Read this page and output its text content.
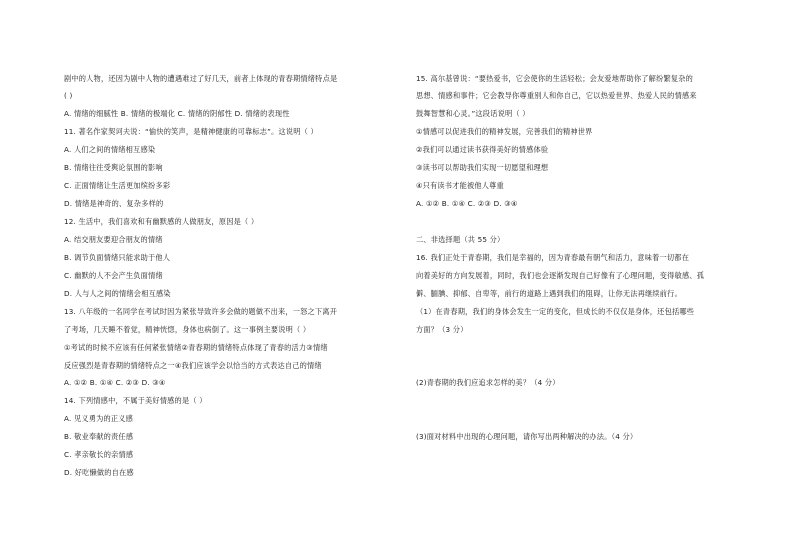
剧中的人物，还因为剧中人物的遭遇难过了好几天，前者上体现的青春期情绪特点是
( )
A. 情绪的细腻性 B. 情绪的极端化 C. 情绪的阴郁性 D. 情绪的表现性
11. 著名作家契诃夫说：“愉快的笑声，是精神健康的可靠标志”。这说明（ ）
A. 人们之间的情绪相互感染
B. 情绪往往受舆论氛围的影响
C. 正面情绪让生活更加缤纷多彩
D. 情绪是神奇的、复杂多样的
12. 生活中，我们喜欢和有幽默感的人做朋友，原因是（ ）
A. 结交朋友要迎合朋友的情绪
B. 调节负面情绪只能求助于他人
C. 幽默的人不会产生负面情绪
D. 人与人之间的情绪会相互感染
13. 八年级的一名同学在考试时因为紧张导致许多会做的题做不出来，一怒之下离开
了考场，几天睡不着觉，精神恍惚，身体也病倒了。这一事例主要说明（ ）
①考试的时候不应该有任何紧张情绪②青春期的情绪特点体现了青春的活力③情绪
反应强烈是青春期的情绪特点之一④我们应该学会以恰当的方式表达自己的情绪
A. ①② B. ①④ C. ②③ D. ③④
14. 下列情感中，不属于美好情感的是（ ）
A. 见义勇为的正义感
B. 敬业奉献的责任感
C. 孝亲敬长的亲情感
D. 好吃懒做的自在感
15. 高尔基曾说：“要热爱书，它会使你的生活轻松；会友爱地帮助你了解纷繁复杂的
思想、情感和事件；它会教导你尊重别人和你自己，它以热爱世界、热爱人民的情感来
鼓舞智慧和心灵。”这段话说明（ ）
①情感可以促进我们的精神发展，完善我们的精神世界
②我们可以通过读书获得美好的情感体验
③读书可以帮助我们实现一切愿望和理想
④只有读书才能被他人尊重
A. ①② B. ①④ C. ②③ D. ③④
二、非选择题（共 55 分）
16. 我们正处于青春期，我们是幸福的，因为青春最有朝气和活力，意味着一切都在
向着美好的方向发展着，同时，我们也会逐渐发现自己好像有了心理问题，变得敏感、孤
僻、腼腆、抑郁、自卑等，前行的道路上遇到我们的阻碍，让你无法再继续前行。
（1）在青春期，我们的身体会发生一定的变化，但成长的不仅仅是身体，还包括哪些
方面？（3 分）
(2)青春期的我们应追求怎样的美？（4 分）
(3)面对材料中出现的心理问题，请你写出两种解决的办法。（4 分）
